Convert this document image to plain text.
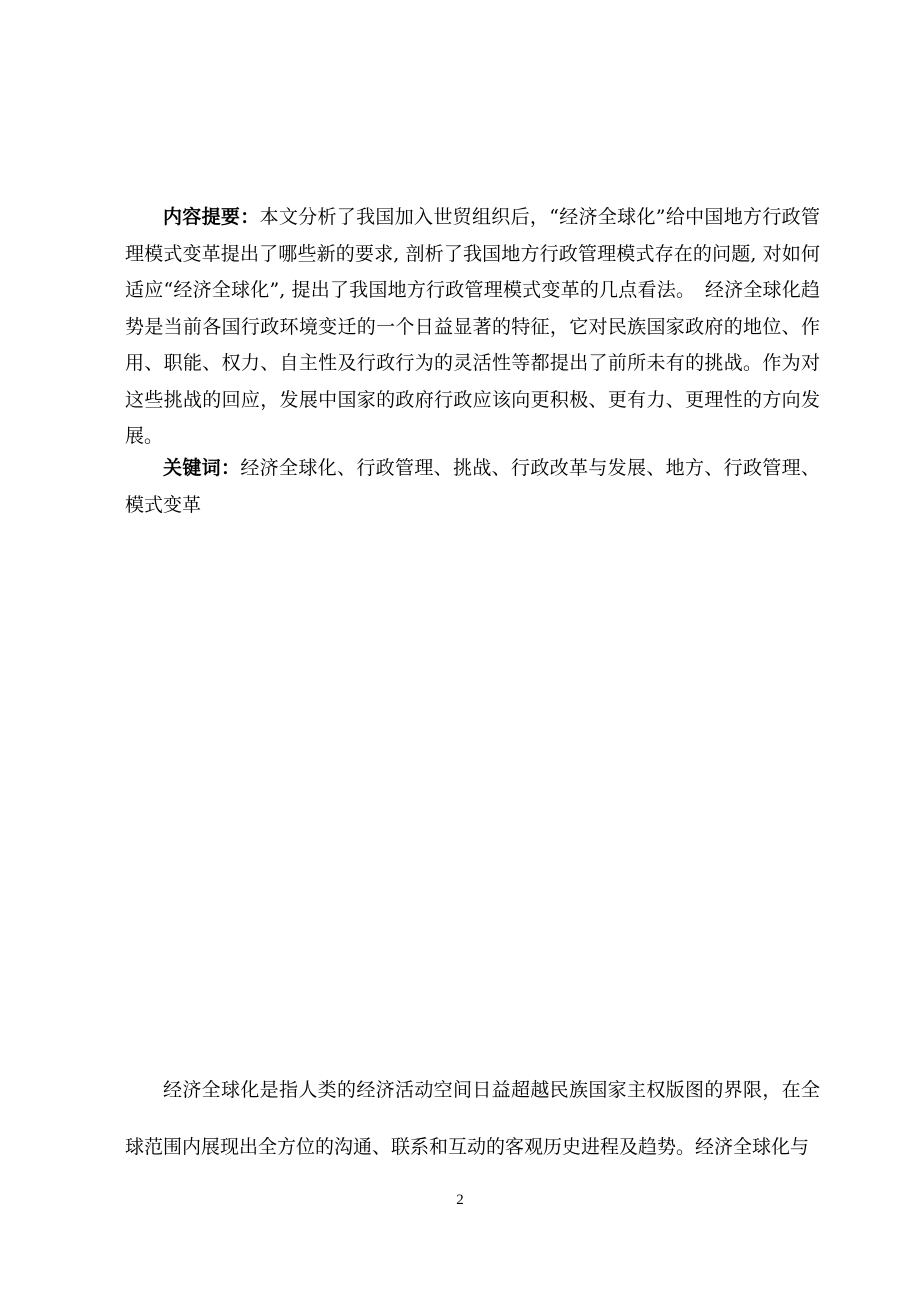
内容提要：本文分析了我国加入世贸组织后，“经济全球化”给中国地方行政管理模式变革提出了哪些新的要求, 剖析了我国地方行政管理模式存在的问题, 对如何适应“经济全球化”, 提出了我国地方行政管理模式变革的几点看法。　经济全球化趋势是当前各国行政环境变迁的一个日益显著的特征，它对民族国家政府的地位、作用、职能、权力、自主性及行政行为的灵活性等都提出了前所未有的挑战。作为对这些挑战的回应，发展中国家的政府行政应该向更积极、更有力、更理性的方向发展。

关键词：经济全球化、行政管理、挑战、行政改革与发展、地方、行政管理、模式变革

经济全球化是指人类的经济活动空间日益超越民族国家主权版图的界限，在全球范围内展现出全方位的沟通、联系和互动的客观历史进程及趋势。经济全球化与

2
